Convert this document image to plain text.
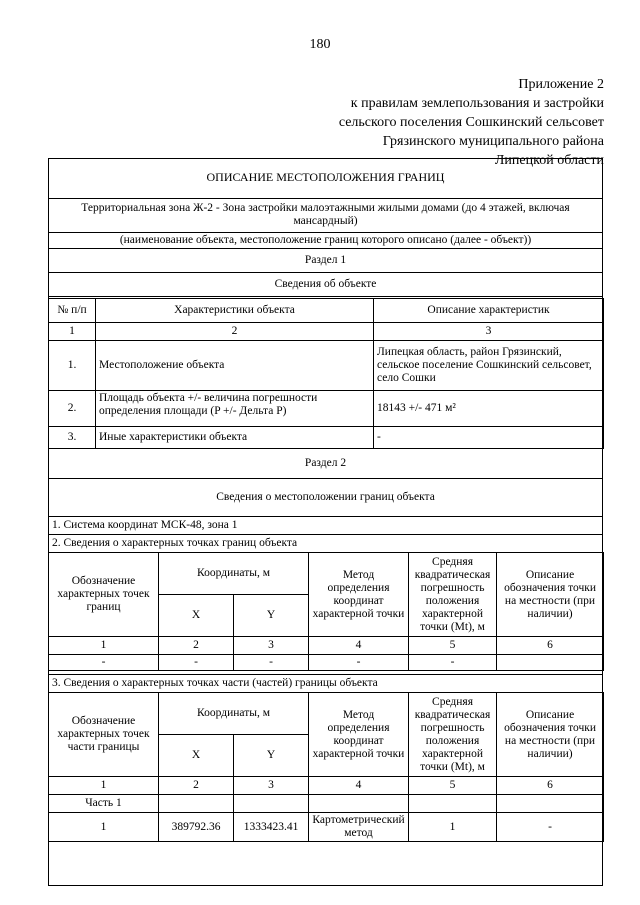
180
Приложение 2
к правилам землепользования и застройки
сельского поселения Сошкинский сельсовет
Грязинского муниципального района
Липецкой области
ОПИСАНИЕ МЕСТОПОЛОЖЕНИЯ ГРАНИЦ
Территориальная зона Ж-2 - Зона застройки малоэтажными жилыми домами (до 4 этажей, включая мансардный)
(наименование объекта, местоположение границ которого описано (далее - объект))
Раздел 1
Сведения об объекте
№ п/п	Характеристики объекта	Описание характеристик
1	2	3
1.	Местоположение объекта	Липецкая область, район Грязинский, сельское поселение Сошкинский сельсовет, село Сошки
2.	Площадь объекта +/- величина погрешности определения площади (P +/- Дельта P)	18143 +/- 471 м²
3.	Иные характеристики объекта	-
Раздел 2
Сведения о местоположении границ объекта
1. Система координат МСК-48, зона 1
2. Сведения о характерных точках границ объекта
Обозначение характерных точек границ	Координаты, м		Метод определения координат характерной точки	Средняя квадратическая погрешность положения характерной точки (Mt), м	Описание обозначения точки на местности (при наличии)
	X	Y			
1	2	3	4	5	6
-	-	-	-	-	
3. Сведения о характерных точках части (частей) границы объекта
Обозначение характерных точек части границы	Координаты, м		Метод определения координат характерной точки	Средняя квадратическая погрешность положения характерной точки (Mt), м	Описание обозначения точки на местности (при наличии)
	X	Y			
1	2	3	4	5	6
Часть 1					
1	389792.36	1333423.41	Картометрический метод	1	-
